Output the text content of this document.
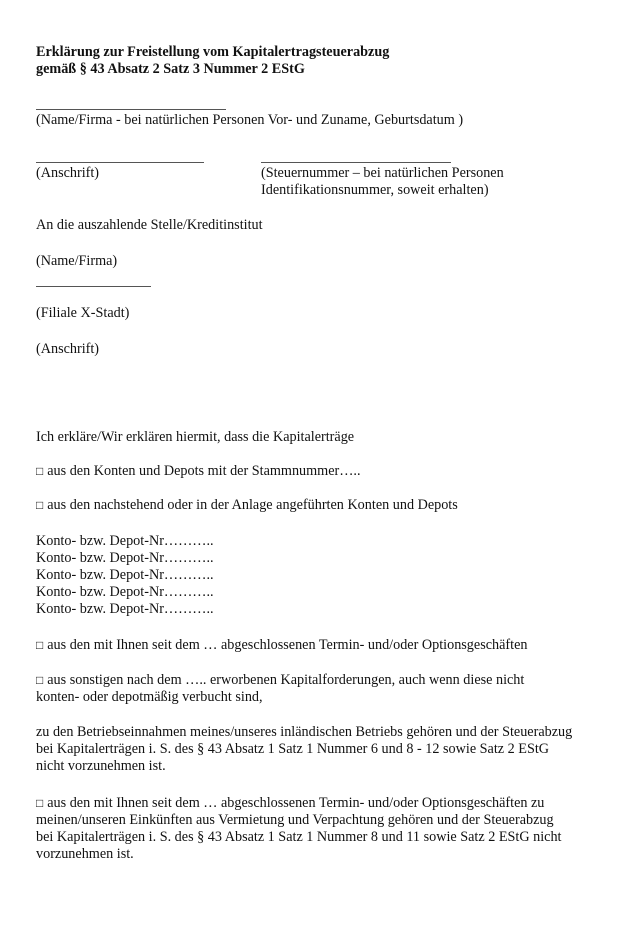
Erklärung zur Freistellung vom Kapitalertragsteuerabzug
gemäß § 43 Absatz 2 Satz 3 Nummer 2 EStG
(Name/Firma - bei natürlichen Personen Vor- und Zuname, Geburtsdatum )
(Anschrift)	(Steuernummer – bei natürlichen Personen
Identifikationsnummer, soweit erhalten)
An die auszahlende Stelle/Kreditinstitut
(Name/Firma)
(Filiale X-Stadt)
(Anschrift)
Ich erkläre/Wir erklären hiermit, dass die Kapitalerträge
□ aus den Konten und Depots mit der Stammnummer…..
□ aus den nachstehend oder in der Anlage angeführten Konten und Depots
Konto- bzw. Depot-Nr………..
Konto- bzw. Depot-Nr………..
Konto- bzw. Depot-Nr………..
Konto- bzw. Depot-Nr………..
Konto- bzw. Depot-Nr………..
□ aus den mit Ihnen seit dem … abgeschlossenen Termin- und/oder Optionsgeschäften
□ aus sonstigen nach dem ….. erworbenen Kapitalforderungen, auch wenn diese nicht
konten- oder depotmäßig verbucht sind,
zu den Betriebseinnahmen meines/unseres inländischen Betriebs gehören und der Steuerabzug
bei Kapitalerträgen i. S. des § 43 Absatz 1 Satz 1 Nummer 6 und 8 - 12 sowie Satz 2 EStG
nicht vorzunehmen ist.
□ aus den mit Ihnen seit dem … abgeschlossenen Termin- und/oder Optionsgeschäften zu
meinen/unseren Einkünften aus Vermietung und Verpachtung gehören und der Steuerabzug
bei Kapitalerträgen i. S. des § 43 Absatz 1 Satz 1 Nummer 8 und 11 sowie Satz 2 EStG nicht
vorzunehmen ist.
